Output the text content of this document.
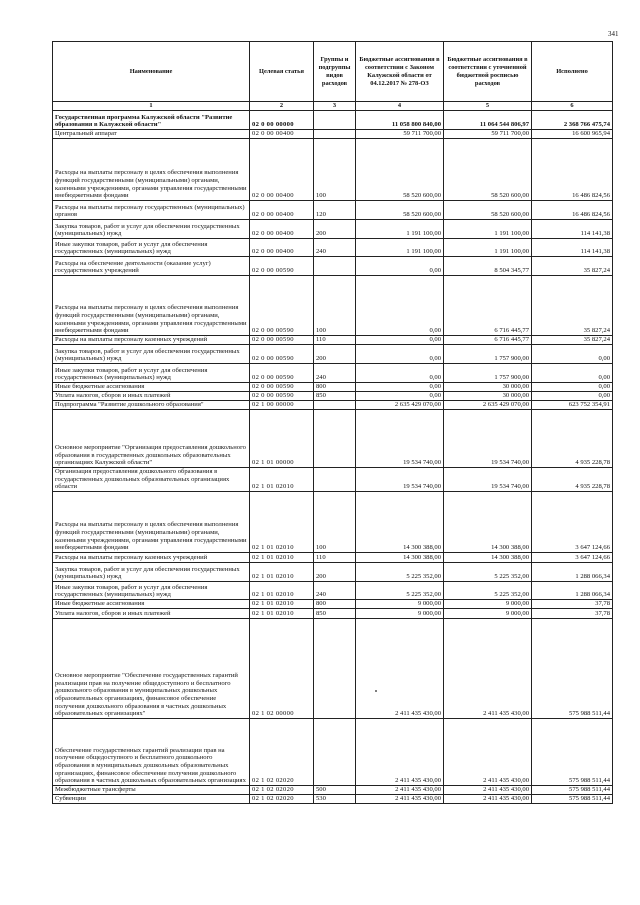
341
Наименование	Целевая статья	Группы и подгруппы видов расходов	Бюджетные ассигнования в соответствии с Законом Калужской области от 04.12.2017 № 278-ОЗ	Бюджетные ассигнования в соответствии с уточненной бюджетной росписью расходов	Исполнено
1	2	3	4	5	6
Государственная программа Калужской области "Развитие образования в Калужской области"	02 0 00 00000		11 058 800 840,00	11 064 544 806,97	2 368 766 475,74
Центральный аппарат	02 0 00 00400		59 711 700,00	59 711 700,00	16 600 965,94
Расходы на выплаты персоналу в целях обеспечения выполнения функций государственными (муниципальными) органами, казенными учреждениями, органами управления государственными внебюджетными фондами	02 0 00 00400	100	58 520 600,00	58 520 600,00	16 486 824,56
Расходы на выплаты персоналу государственных (муниципальных) органов	02 0 00 00400	120	58 520 600,00	58 520 600,00	16 486 824,56
Закупка товаров, работ и услуг для обеспечения государственных (муниципальных) нужд	02 0 00 00400	200	1 191 100,00	1 191 100,00	114 141,38
Иные закупки товаров, работ и услуг для обеспечения государственных (муниципальных) нужд	02 0 00 00400	240	1 191 100,00	1 191 100,00	114 141,38
Расходы на обеспечение деятельности (оказание услуг) государственных учреждений	02 0 00 00590		0,00	8 504 345,77	35 827,24
Расходы на выплаты персоналу в целях обеспечения выполнения функций государственными (муниципальными) органами, казенными учреждениями, органами управления государственными внебюджетными фондами	02 0 00 00590	100	0,00	6 716 445,77	35 827,24
Расходы на выплаты персоналу казенных учреждений	02 0 00 00590	110	0,00	6 716 445,77	35 827,24
Закупка товаров, работ и услуг для обеспечения государственных (муниципальных) нужд	02 0 00 00590	200	0,00	1 757 900,00	0,00
Иные закупки товаров, работ и услуг для обеспечения государственных (муниципальных) нужд	02 0 00 00590	240	0,00	1 757 900,00	0,00
Иные бюджетные ассигнования	02 0 00 00590	800	0,00	30 000,00	0,00
Уплата налогов, сборов и иных платежей	02 0 00 00590	850	0,00	30 000,00	0,00
Подпрограмма "Развитие дошкольного образования"	02 1 00 00000		2 635 429 070,00	2 635 429 070,00	623 752 354,91
Основное мероприятие "Организация предоставления дошкольного образования в государственных дошкольных образовательных организациях Калужской области"	02 1 01 00000		19 534 740,00	19 534 740,00	4 935 228,78
Организация предоставления дошкольного образования в государственных дошкольных образовательных организациях области	02 1 01 02010		19 534 740,00	19 534 740,00	4 935 228,78
Расходы на выплаты персоналу в целях обеспечения выполнения функций государственными (муниципальными) органами, казенными учреждениями, органами управления государственными внебюджетными фондами	02 1 01 02010	100	14 300 388,00	14 300 388,00	3 647 124,66
Расходы на выплаты персоналу казенных учреждений	02 1 01 02010	110	14 300 388,00	14 300 388,00	3 647 124,66
Закупка товаров, работ и услуг для обеспечения государственных (муниципальных) нужд	02 1 01 02010	200	5 225 352,00	5 225 352,00	1 288 066,34
Иные закупки товаров, работ и услуг для обеспечения государственных (муниципальных) нужд	02 1 01 02010	240	5 225 352,00	5 225 352,00	1 288 066,34
Иные бюджетные ассигнования	02 1 01 02010	800	9 000,00	9 000,00	37,78
Уплата налогов, сборов и иных платежей	02 1 01 02010	850	9 000,00	9 000,00	37,78
Основное мероприятие "Обеспечение государственных гарантий реализации прав на получение общедоступного и бесплатного дошкольного образования в муниципальных дошкольных образовательных организациях, финансовое обеспечение получения дошкольного образования в частных дошкольных образовательных организациях"	02 1 02 00000		2 411 435 430,00	2 411 435 430,00	575 988 511,44
Обеспечение государственных гарантий реализации прав на получение общедоступного и бесплатного дошкольного образования в муниципальных дошкольных образовательных организациях, финансовое обеспечение получения дошкольного образования в частных дошкольных образовательных организациях	02 1 02 02020		2 411 435 430,00	2 411 435 430,00	575 988 511,44
Межбюджетные трансферты	02 1 02 02020	500	2 411 435 430,00	2 411 435 430,00	575 988 511,44
Субвенции	02 1 02 02020	530	2 411 435 430,00	2 411 435 430,00	575 988 511,44
